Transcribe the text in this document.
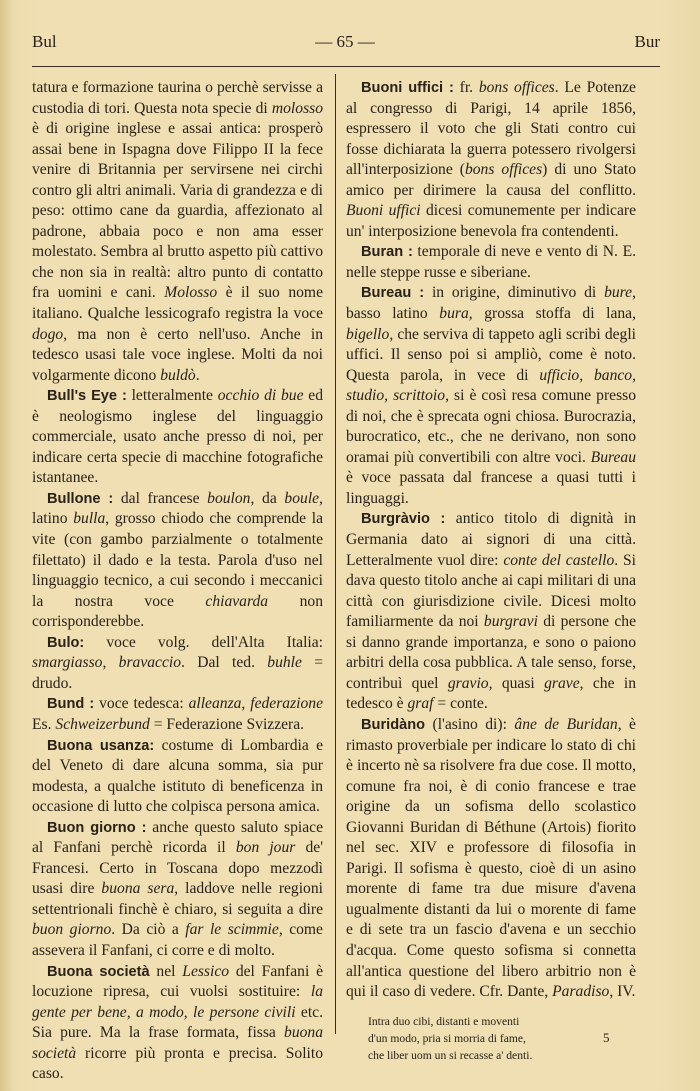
Bul	— 65 —	Bur

tatura e formazione taurina o perchè servisse a custodia di tori. Questa nota specie di molosso è di origine inglese e assai antica: prosperò assai bene in Ispagna dove Filippo II la fece venire di Britannia per servirsene nei circhi contro gli altri animali. Varia di grandezza e di peso: ottimo cane da guardia, affezionato al padrone, abbaia poco e non ama esser molestato. Sembra al brutto aspetto più cattivo che non sia in realtà: altro punto di contatto fra uomini e cani. Molosso è il suo nome italiano. Qualche lessicografo registra la voce dogo, ma non è certo nell'uso. Anche in tedesco usasi tale voce inglese. Molti da noi volgarmente dicono buldò.

Bull's Eye : letteralmente occhio di bue ed è neologismo inglese del linguaggio commerciale, usato anche presso di noi, per indicare certa specie di macchine fotografiche istantanee.

Bullone : dal francese boulon, da boule, latino bulla, grosso chiodo che comprende la vite (con gambo parzialmente o totalmente filettato) il dado e la testa. Parola d'uso nel linguaggio tecnico, a cui secondo i meccanici la nostra voce chiavarda non corrisponderebbe.

Bulo: voce volg. dell'Alta Italia: smargiasso, bravaccio. Dal ted. buhle = drudo.

Bund : voce tedesca: alleanza, federazione Es. Schweizerbund = Federazione Svizzera.

Buona usanza: costume di Lombardia e del Veneto di dare alcuna somma, sia pur modesta, a qualche istituto di beneficenza in occasione di lutto che colpisca persona amica.

Buon giorno : anche questo saluto spiace al Fanfani perchè ricorda il bon jour de' Francesi. Certo in Toscana dopo mezzodì usasi dire buona sera, laddove nelle regioni settentrionali finchè è chiaro, si seguita a dire buon giorno. Da ciò a far le scimmie, come assevera il Fanfani, ci corre e di molto.

Buona società nel Lessico del Fanfani è locuzione ripresa, cui vuolsi sostituire: la gente per bene, a modo, le persone civili etc. Sia pure. Ma la frase formata, fissa buona società ricorre più pronta e precisa. Solito caso.

Buoni uffici : fr. bons offices. Le Potenze al congresso di Parigi, 14 aprile 1856, espressero il voto che gli Stati contro cui fosse dichiarata la guerra potessero rivolgersi all'interposizione (bons offices) di uno Stato amico per dirimere la causa del conflitto. Buoni uffici dicesi comunemente per indicare un' interposizione benevola fra contendenti.

Buran : temporale di neve e vento di N. E. nelle steppe russe e siberiane.

Bureau : in origine, diminutivo di bure, basso latino bura, grossa stoffa di lana, bigello, che serviva di tappeto agli scribi degli uffici. Il senso poi si ampliò, come è noto. Questa parola, in vece di ufficio, banco, studio, scrittoio, si è così resa comune presso di noi, che è sprecata ogni chiosa. Burocrazia, burocratico, etc., che ne derivano, non sono oramai più convertibili con altre voci. Bureau è voce passata dal francese a quasi tutti i linguaggi.

Burgràvio : antico titolo di dignità in Germania dato ai signori di una città. Letteralmente vuol dire: conte del castello. Si dava questo titolo anche ai capi militari di una città con giurisdizione civile. Dicesi molto familiarmente da noi burgravi di persone che si danno grande importanza, e sono o paiono arbitri della cosa pubblica. A tale senso, forse, contribuì quel gravio, quasi grave, che in tedesco è graf = conte.

Buridàno (l'asino di): âne de Buridan, è rimasto proverbiale per indicare lo stato di chi è incerto nè sa risolvere fra due cose. Il motto, comune fra noi, è di conio francese e trae origine da un sofisma dello scolastico Giovanni Buridan di Béthune (Artois) fiorito nel sec. XIV e professore di filosofia in Parigi. Il sofisma è questo, cioè di un asino morente di fame tra due misure d'avena ugualmente distanti da lui o morente di fame e di sete tra un fascio d'avena e un secchio d'acqua. Come questo sofisma si connetta all'antica questione del libero arbitrio non è qui il caso di vedere. Cfr. Dante, Paradiso, IV.

Intra duo cibi, distanti e moventi
d'un modo, pria si morria di fame,
che liber uom un si recasse a' denti.

5
